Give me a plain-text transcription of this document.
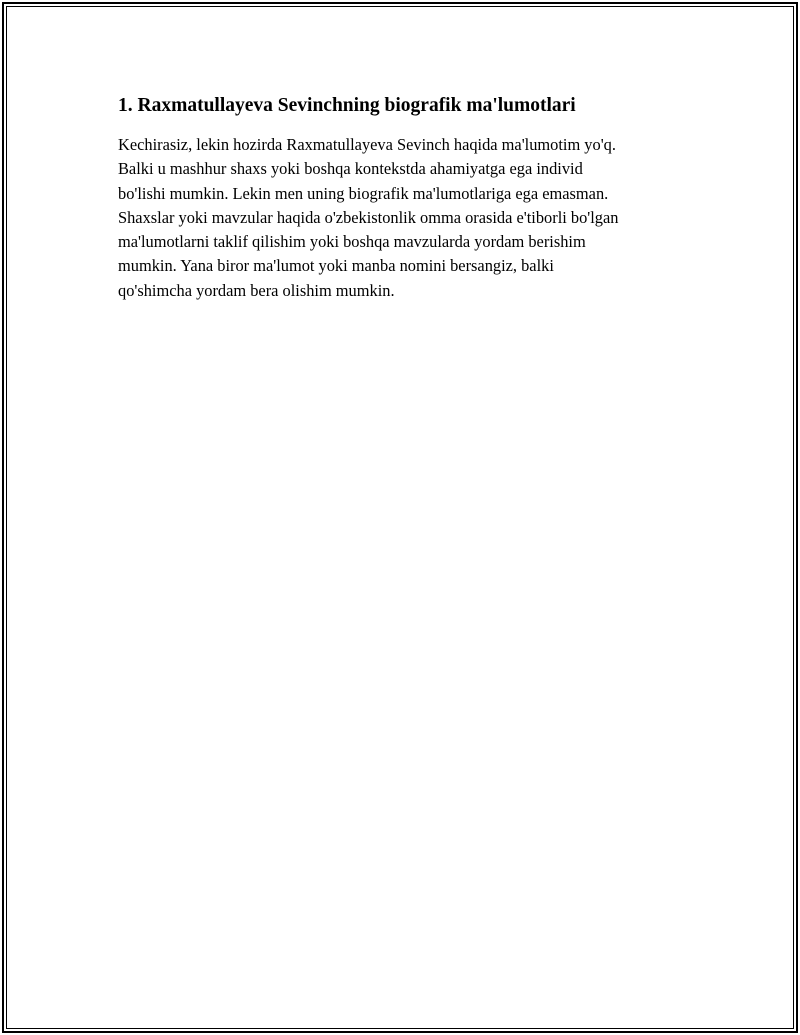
1. Raxmatullayeva Sevinchning biografik ma'lumotlari

Kechirasiz, lekin hozirda Raxmatullayeva Sevinch haqida ma'lumotim yo'q.
Balki u mashhur shaxs yoki boshqa kontekstda ahamiyatga ega individ
bo'lishi mumkin. Lekin men uning biografik ma'lumotlariga ega emasman.
Shaxslar yoki mavzular haqida o'zbekistonlik omma orasida e'tiborli bo'lgan
ma'lumotlarni taklif qilishim yoki boshqa mavzularda yordam berishim
mumkin. Yana biror ma'lumot yoki manba nomini bersangiz, balki
qo'shimcha yordam bera olishim mumkin.
